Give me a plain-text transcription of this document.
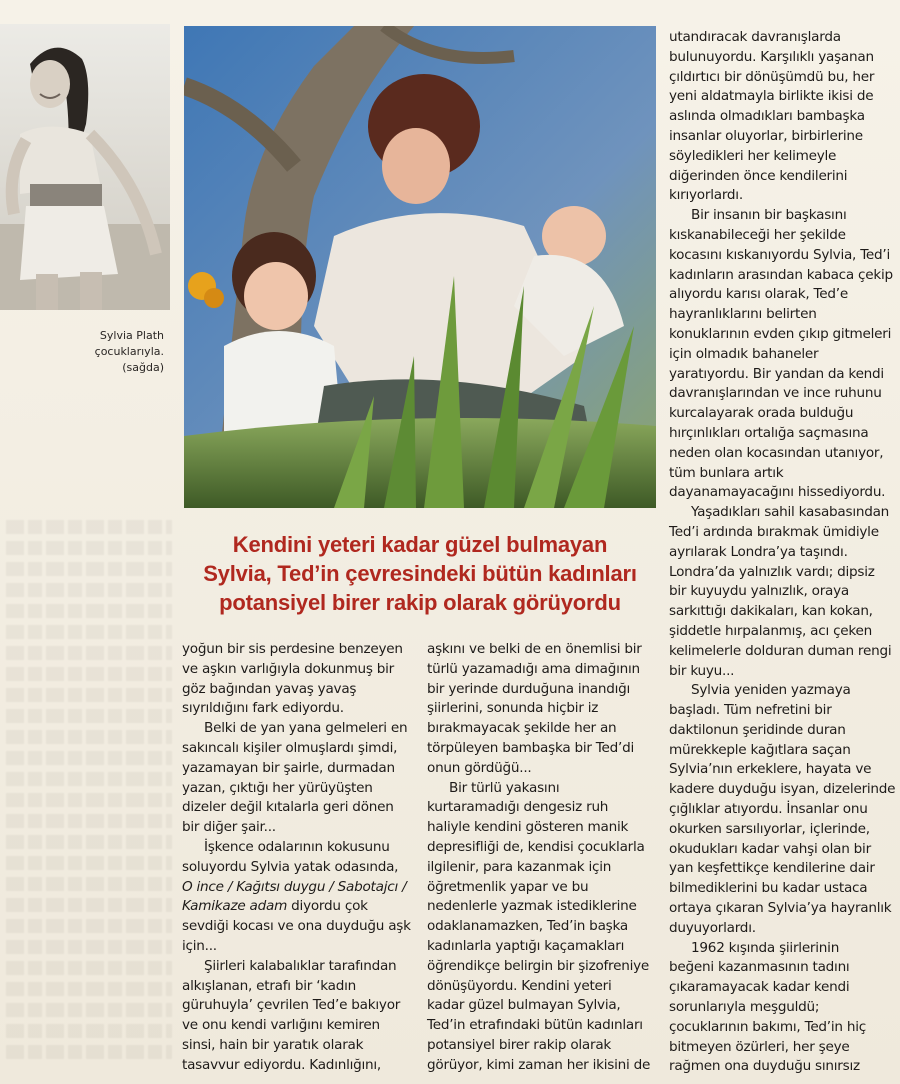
Sylvia Plath
çocuklarıyla.
(sağda)
Kendini yeteri kadar güzel bulmayan
Sylvia, Ted’in çevresindeki bütün kadınları
potansiyel birer rakip olarak görüyordu

yoğun bir sis perdesine benzeyen

ve aşkın varlığıyla dokunmuş bir

göz bağından yavaş yavaş

sıyrıldığını fark ediyordu.

Belki de yan yana gelmeleri en

sakıncalı kişiler olmuşlardı şimdi,

yazamayan bir şairle, durmadan

yazan, çıktığı her yürüyüşten

dizeler değil kıtalarla geri dönen

bir diğer şair...

İşkence odalarının kokusunu

soluyordu Sylvia yatak odasında,

O ince / Kağıtsı duygu / Sabotajcı /

Kamikaze adam diyordu çok

sevdiği kocası ve ona duyduğu aşk

için...

Şiirleri kalabalıklar tarafından

alkışlanan, etrafı bir ‘kadın

güruhuyla’ çevrilen Ted’e bakıyor

ve onu kendi varlığını kemiren

sinsi, hain bir yaratık olarak

tasavvur ediyordu. Kadınlığını,

aşkını ve belki de en önemlisi bir

türlü yazamadığı ama dimağının

bir yerinde durduğuna inandığı

şiirlerini, sonunda hiçbir iz

bırakmayacak şekilde her an

törpüleyen bambaşka bir Ted’di

onun gördüğü...

Bir türlü yakasını

kurtaramadığı dengesiz ruh

haliyle kendini gösteren manik

depresifliği de, kendisi çocuklarla

ilgilenir, para kazanmak için

öğretmenlik yapar ve bu

nedenlerle yazmak istediklerine

odaklanamazken, Ted’in başka

kadınlarla yaptığı kaçamakları

öğrendikçe belirgin bir şizofreniye

dönüşüyordu. Kendini yeteri

kadar güzel bulmayan Sylvia,

Ted’in etrafındaki bütün kadınları

potansiyel birer rakip olarak

görüyor, kimi zaman her ikisini de

utandıracak davranışlarda

bulunuyordu. Karşılıklı yaşanan

çıldırtıcı bir dönüşümdü bu, her

yeni aldatmayla birlikte ikisi de

aslında olmadıkları bambaşka

insanlar oluyorlar, birbirlerine

söyledikleri her kelimeyle

diğerinden önce kendilerini

kırıyorlardı.

Bir insanın bir başkasını

kıskanabileceği her şekilde

kocasını kıskanıyordu Sylvia, Ted’i

kadınların arasından kabaca çekip

alıyordu karısı olarak, Ted’e

hayranlıklarını belirten

konuklarının evden çıkıp gitmeleri

için olmadık bahaneler

yaratıyordu. Bir yandan da kendi

davranışlarından ve ince ruhunu

kurcalayarak orada bulduğu

hırçınlıkları ortalığa saçmasına

neden olan kocasından utanıyor,

tüm bunlara artık

dayanamayacağını hissediyordu.

Yaşadıkları sahil kasabasından

Ted’i ardında bırakmak ümidiyle

ayrılarak Londra’ya taşındı.

Londra’da yalnızlık vardı; dipsiz

bir kuyuydu yalnızlık, oraya

sarkıttığı dakikaları, kan kokan,

şiddetle hırpalanmış, acı çeken

kelimelerle dolduran duman rengi

bir kuyu...

Sylvia yeniden yazmaya

başladı. Tüm nefretini bir

daktilonun şeridinde duran

mürekkeple kağıtlara saçan

Sylvia’nın erkeklere, hayata ve

kadere duyduğu isyan, dizelerinde

çığlıklar atıyordu. İnsanlar onu

okurken sarsılıyorlar, içlerinde,

okudukları kadar vahşi olan bir

yan keşfettikçe kendilerine dair

bilmediklerini bu kadar ustaca

ortaya çıkaran Sylvia’ya hayranlık

duyuyorlardı.

1962 kışında şiirlerinin

beğeni kazanmasının tadını

çıkaramayacak kadar kendi

sorunlarıyla meşguldü;

çocuklarının bakımı, Ted’in hiç

bitmeyen özürleri, her şeye

rağmen ona duyduğu sınırsız
